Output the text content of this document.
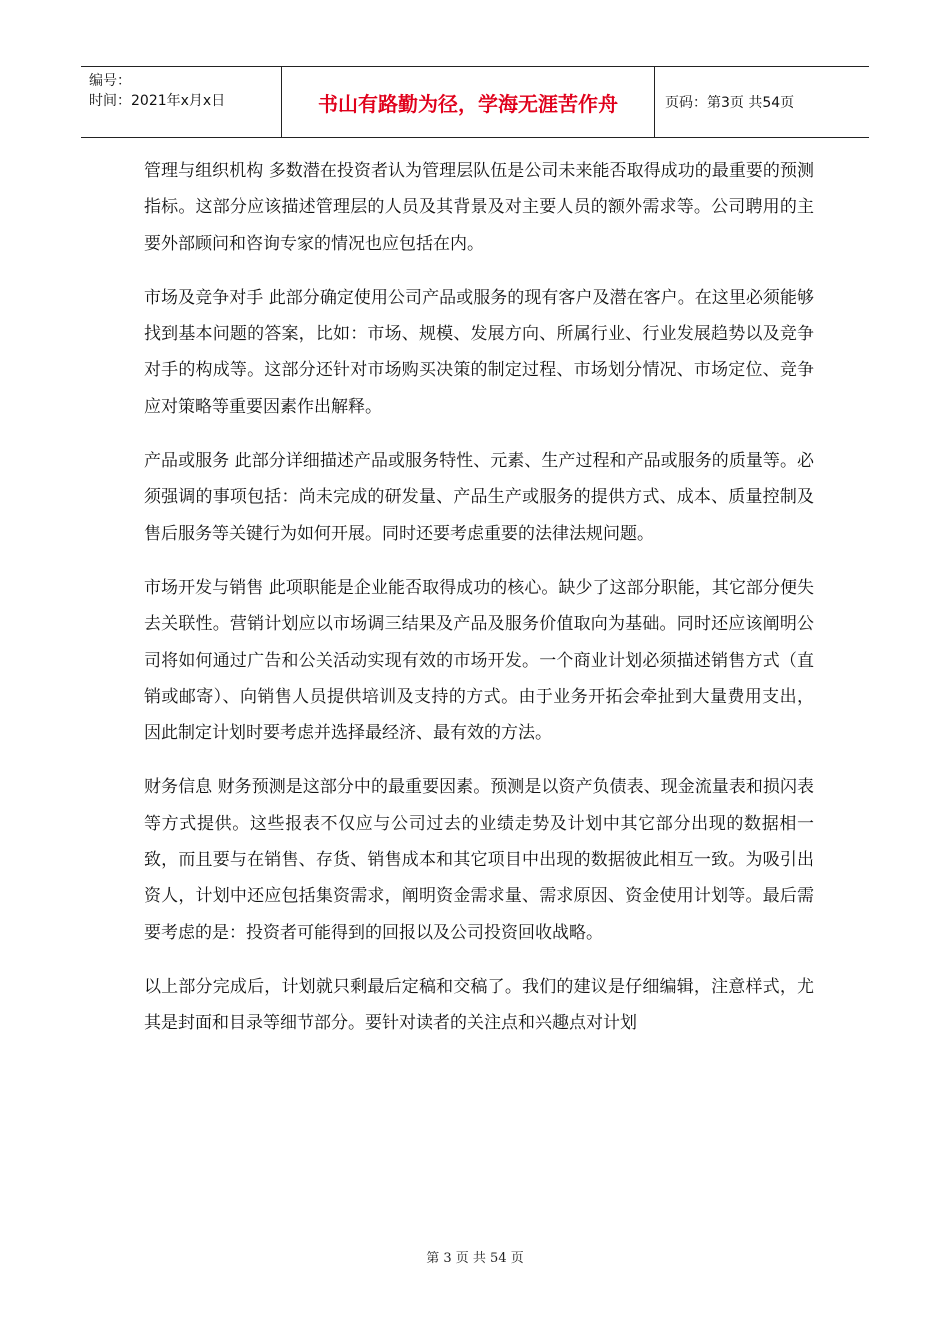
编号：
时间：2021年x月x日	书山有路勤为径，学海无涯苦作舟	页码：第3页 共54页

管理与组织机构 多数潜在投资者认为管理层队伍是公司未来能否取得成功的最重要的预测指标。这部分应该描述管理层的人员及其背景及对主要人员的额外需求等。公司聘用的主要外部顾问和咨询专家的情况也应包括在内。

市场及竞争对手 此部分确定使用公司产品或服务的现有客户及潜在客户。在这里必须能够找到基本问题的答案，比如：市场、规模、发展方向、所属行业、行业发展趋势以及竞争对手的构成等。这部分还针对市场购买决策的制定过程、市场划分情况、市场定位、竞争应对策略等重要因素作出解释。

产品或服务 此部分详细描述产品或服务特性、元素、生产过程和产品或服务的质量等。必须强调的事项包括：尚未完成的研发量、产品生产或服务的提供方式、成本、质量控制及售后服务等关键行为如何开展。同时还要考虑重要的法律法规问题。

市场开发与销售 此项职能是企业能否取得成功的核心。缺少了这部分职能，其它部分便失去关联性。营销计划应以市场调三结果及产品及服务价值取向为基础。同时还应该阐明公司将如何通过广告和公关活动实现有效的市场开发。一个商业计划必须描述销售方式（直销或邮寄）、向销售人员提供培训及支持的方式。由于业务开拓会牵扯到大量费用支出，因此制定计划时要考虑并选择最经济、最有效的方法。

财务信息 财务预测是这部分中的最重要因素。预测是以资产负债表、现金流量表和损闪表等方式提供。这些报表不仅应与公司过去的业绩走势及计划中其它部分出现的数据相一致，而且要与在销售、存货、销售成本和其它项目中出现的数据彼此相互一致。为吸引出资人，计划中还应包括集资需求，阐明资金需求量、需求原因、资金使用计划等。最后需要考虑的是：投资者可能得到的回报以及公司投资回收战略。

以上部分完成后，计划就只剩最后定稿和交稿了。我们的建议是仔细编辑，注意样式，尤其是封面和目录等细节部分。要针对读者的关注点和兴趣点对计划

第 3 页 共 54 页
